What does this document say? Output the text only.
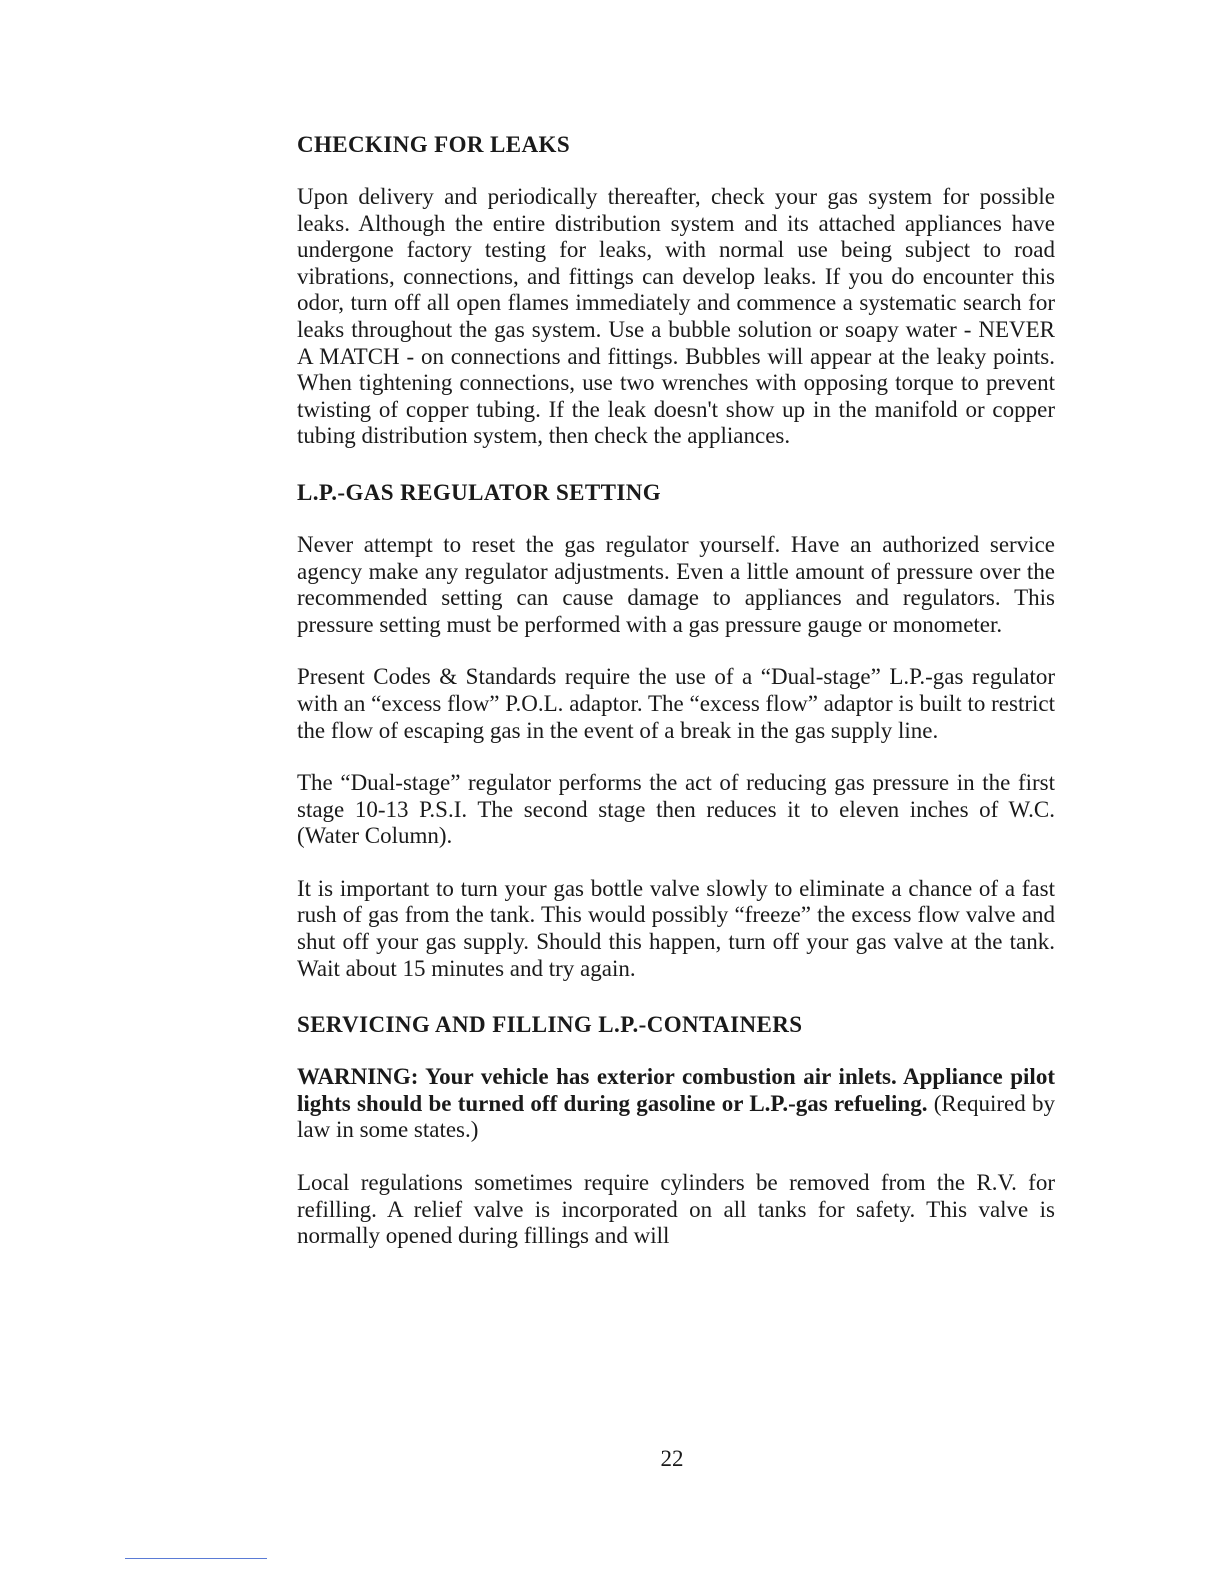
CHECKING FOR LEAKS

Upon delivery and periodically thereafter, check your gas system for possible leaks. Although the entire distribution system and its attached appliances have undergone factory testing for leaks, with normal use being subject to road vibrations, connections, and fittings can develop leaks. If you do encounter this odor, turn off all open flames immediately and commence a systematic search for leaks throughout the gas system. Use a bubble solution or soapy water - NEVER A MATCH - on connections and fittings. Bubbles will appear at the leaky points. When tightening connections, use two wrenches with opposing torque to prevent twisting of copper tubing. If the leak doesn't show up in the manifold or copper tubing distribution system, then check the appliances.

L.P.-GAS REGULATOR SETTING

Never attempt to reset the gas regulator yourself. Have an authorized service agency make any regulator adjustments. Even a little amount of pressure over the recommended setting can cause damage to appliances and regulators. This pressure setting must be performed with a gas pressure gauge or monometer.

Present Codes & Standards require the use of a “Dual-stage” L.P.-gas regulator with an “excess flow” P.O.L. adaptor. The “excess flow” adaptor is built to restrict the flow of escaping gas in the event of a break in the gas supply line.

The “Dual-stage” regulator performs the act of reducing gas pressure in the first stage 10-13 P.S.I. The second stage then reduces it to eleven inches of W.C. (Water Column).

It is important to turn your gas bottle valve slowly to eliminate a chance of a fast rush of gas from the tank. This would possibly “freeze” the excess flow valve and shut off your gas supply. Should this happen, turn off your gas valve at the tank. Wait about 15 minutes and try again.

SERVICING AND FILLING L.P.-CONTAINERS

WARNING: Your vehicle has exterior combustion air inlets. Appliance pilot lights should be turned off during gasoline or L.P.-gas refueling. (Required by law in some states.)

Local regulations sometimes require cylinders be removed from the R.V. for refilling. A relief valve is incorporated on all tanks for safety. This valve is normally opened during fillings and will

22
